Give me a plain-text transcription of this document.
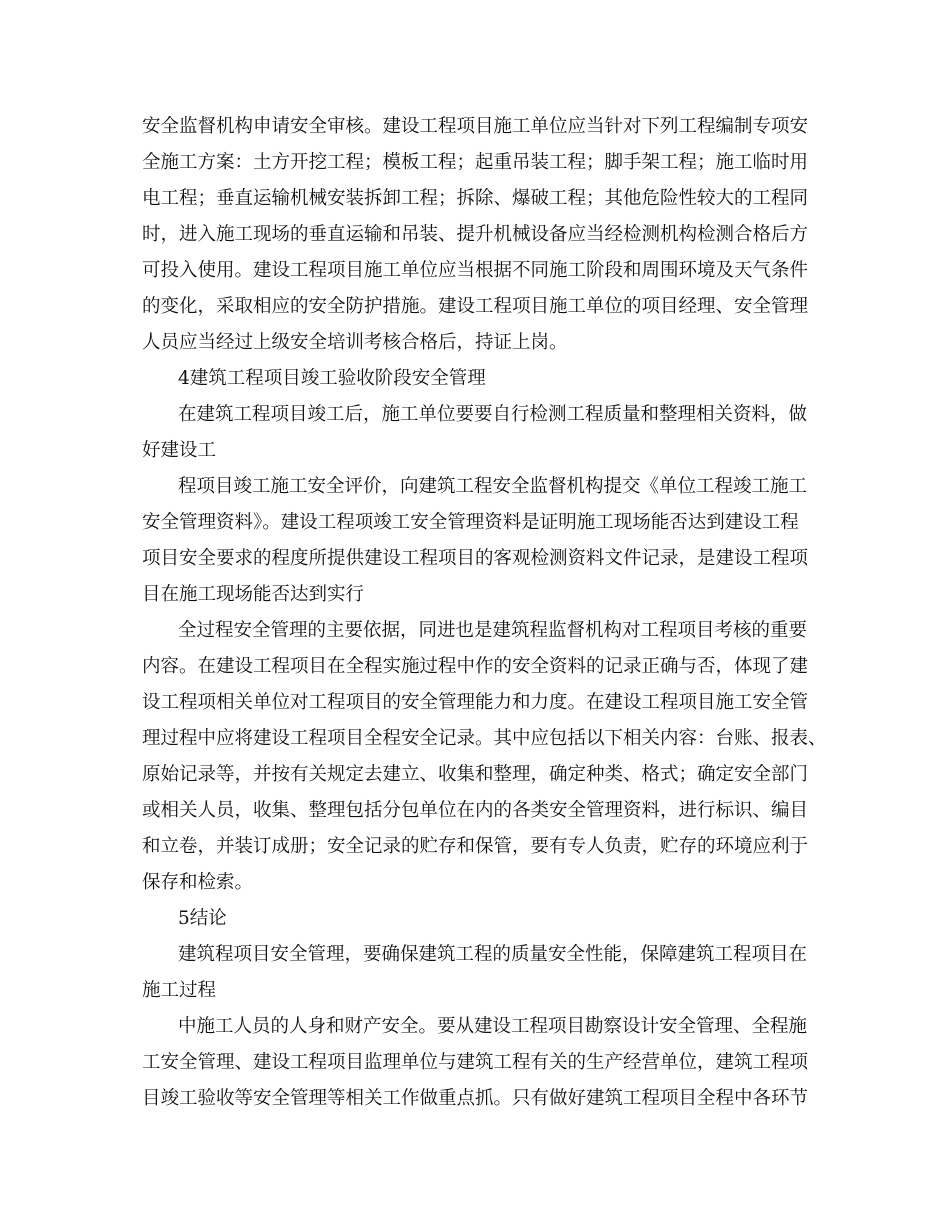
安全监督机构申请安全审核。建设工程项目施工单位应当针对下列工程编制专项安
全施工方案：土方开挖工程；模板工程；起重吊装工程；脚手架工程；施工临时用
电工程；垂直运输机械安装拆卸工程；拆除、爆破工程；其他危险性较大的工程同
时，进入施工现场的垂直运输和吊装、提升机械设备应当经检测机构检测合格后方
可投入使用。建设工程项目施工单位应当根据不同施工阶段和周围环境及天气条件
的变化，采取相应的安全防护措施。建设工程项目施工单位的项目经理、安全管理
人员应当经过上级安全培训考核合格后，持证上岗。
4建筑工程项目竣工验收阶段安全管理
在建筑工程项目竣工后，施工单位要要自行检测工程质量和整理相关资料，做
好建设工
程项目竣工施工安全评价，向建筑工程安全监督机构提交《单位工程竣工施工
安全管理资料》。建设工程项竣工安全管理资料是证明施工现场能否达到建设工程
项目安全要求的程度所提供建设工程项目的客观检测资料文件记录，是建设工程项
目在施工现场能否达到实行
全过程安全管理的主要依据，同进也是建筑程监督机构对工程项目考核的重要
内容。在建设工程项目在全程实施过程中作的安全资料的记录正确与否，体现了建
设工程项相关单位对工程项目的安全管理能力和力度。在建设工程项目施工安全管
理过程中应将建设工程项目全程安全记录。其中应包括以下相关内容：台账、报表、
原始记录等，并按有关规定去建立、收集和整理，确定种类、格式；确定安全部门
或相关人员，收集、整理包括分包单位在内的各类安全管理资料，进行标识、编目
和立卷，并装订成册；安全记录的贮存和保管，要有专人负责，贮存的环境应利于
保存和检索。
5结论
建筑程项目安全管理，要确保建筑工程的质量安全性能，保障建筑工程项目在
施工过程
中施工人员的人身和财产安全。要从建设工程项目勘察设计安全管理、全程施
工安全管理、建设工程项目监理单位与建筑工程有关的生产经营单位，建筑工程项
目竣工验收等安全管理等相关工作做重点抓。只有做好建筑工程项目全程中各环节
